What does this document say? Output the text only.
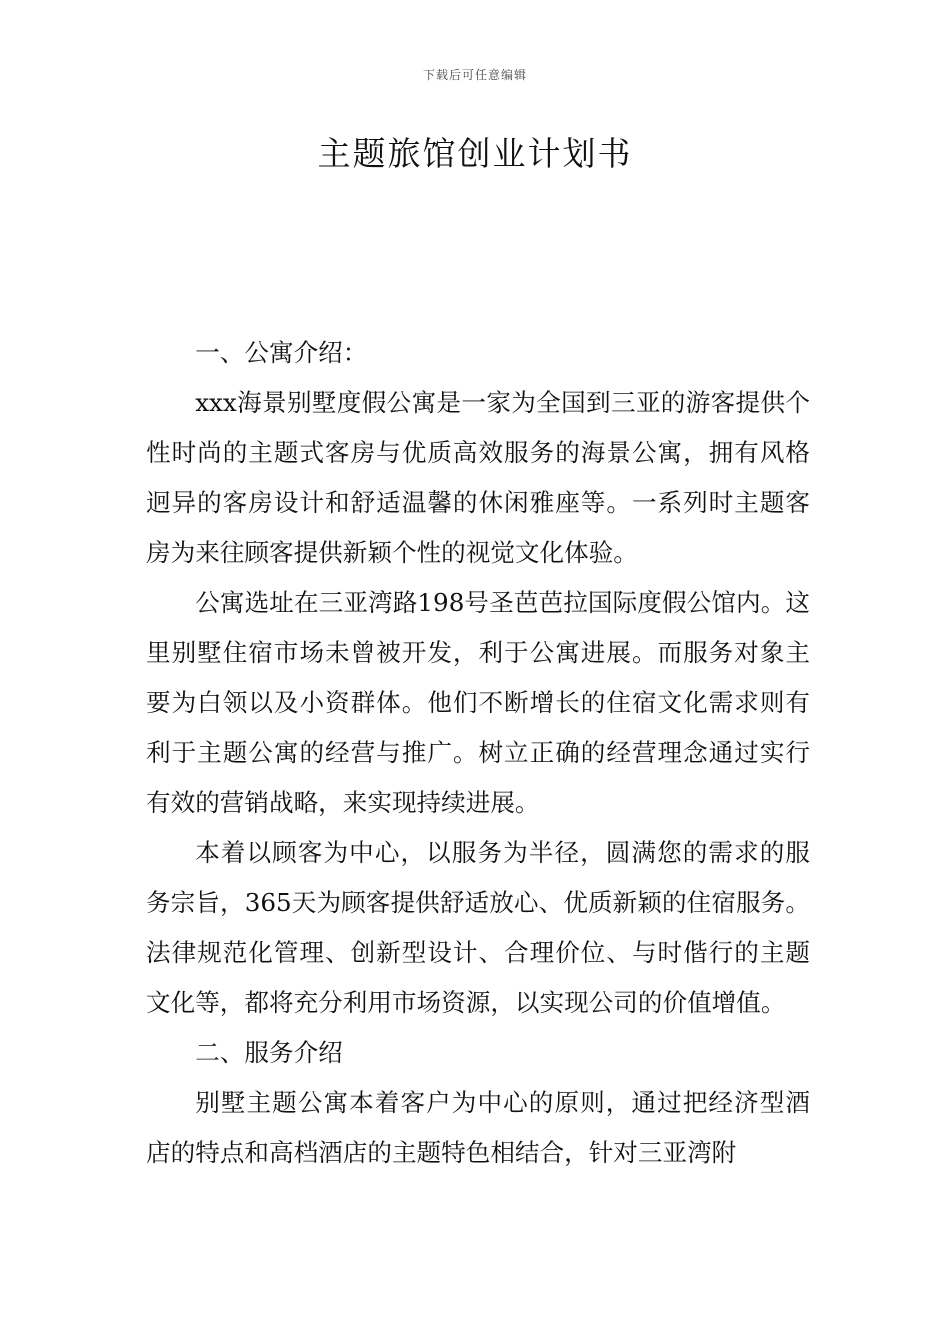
下载后可任意编辑
主题旅馆创业计划书
一、公寓介绍：

xxx海景别墅度假公寓是一家为全国到三亚的游客提供个性时尚的主题式客房与优质高效服务的海景公寓，拥有风格迥异的客房设计和舒适温馨的休闲雅座等。一系列时主题客房为来往顾客提供新颖个性的视觉文化体验。

公寓选址在三亚湾路198号圣芭芭拉国际度假公馆内。这里别墅住宿市场未曾被开发，利于公寓进展。而服务对象主要为白领以及小资群体。他们不断增长的住宿文化需求则有利于主题公寓的经营与推广。树立正确的经营理念通过实行有效的营销战略，来实现持续进展。

本着以顾客为中心，以服务为半径，圆满您的需求的服务宗旨，365天为顾客提供舒适放心、优质新颖的住宿服务。法律规范化管理、创新型设计、合理价位、与时偕行的主题文化等，都将充分利用市场资源，以实现公司的价值增值。

二、服务介绍

别墅主题公寓本着客户为中心的原则，通过把经济型酒店的特点和高档酒店的主题特色相结合，针对三亚湾附
